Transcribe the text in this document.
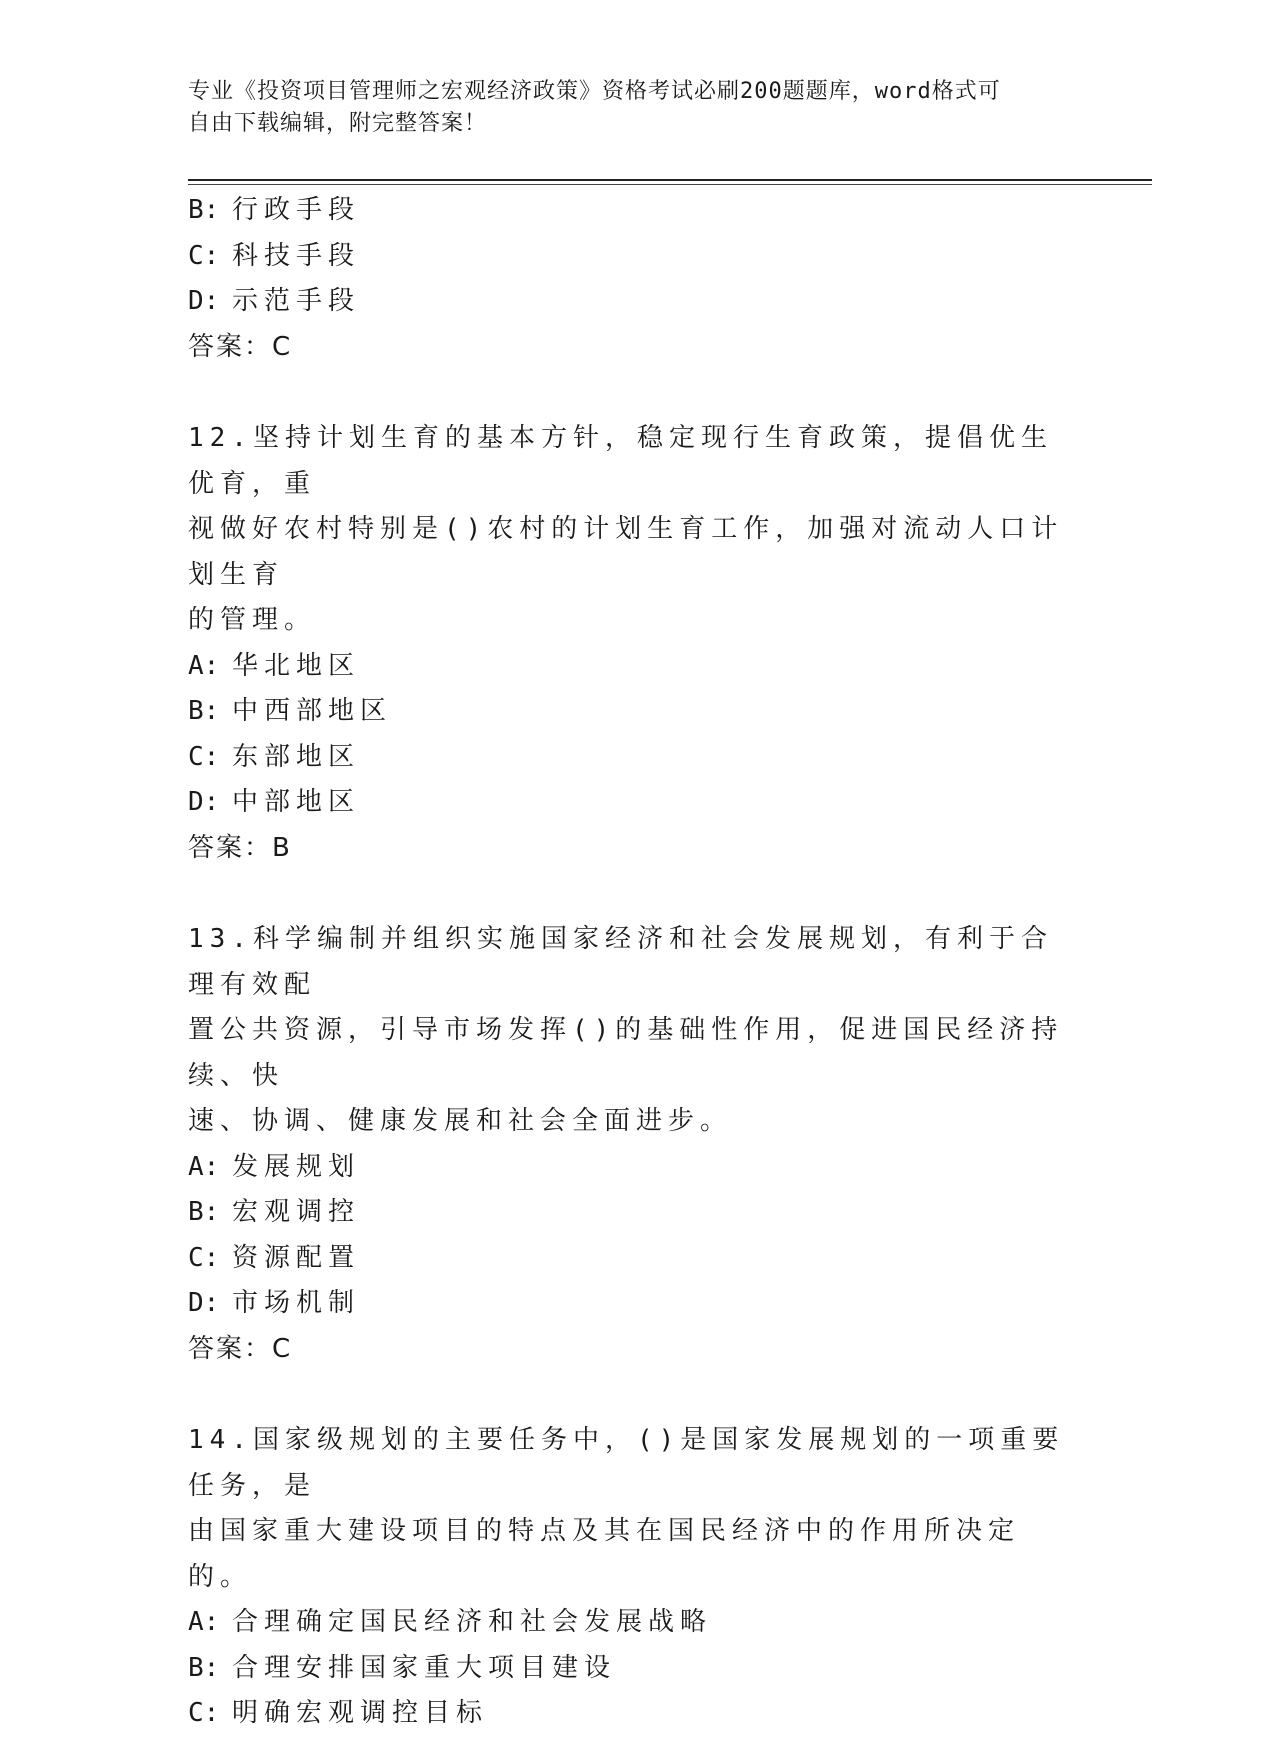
专业《投资项目管理师之宏观经济政策》资格考试必刷200题题库，word格式可
自由下载编辑，附完整答案！
B: 行政手段
C: 科技手段
D: 示范手段
答案：C
12.坚持计划生育的基本方针，稳定现行生育政策，提倡优生优育，重
视做好农村特别是()农村的计划生育工作，加强对流动人口计划生育
的管理。
A: 华北地区
B: 中西部地区
C: 东部地区
D: 中部地区
答案：B
13.科学编制并组织实施国家经济和社会发展规划，有利于合理有效配
置公共资源，引导市场发挥()的基础性作用，促进国民经济持续、快
速、协调、健康发展和社会全面进步。
A: 发展规划
B: 宏观调控
C: 资源配置
D: 市场机制
答案：C
14.国家级规划的主要任务中，()是国家发展规划的一项重要任务，是
由国家重大建设项目的特点及其在国民经济中的作用所决定的。
A: 合理确定国民经济和社会发展战略
B: 合理安排国家重大项目建设
C: 明确宏观调控目标
